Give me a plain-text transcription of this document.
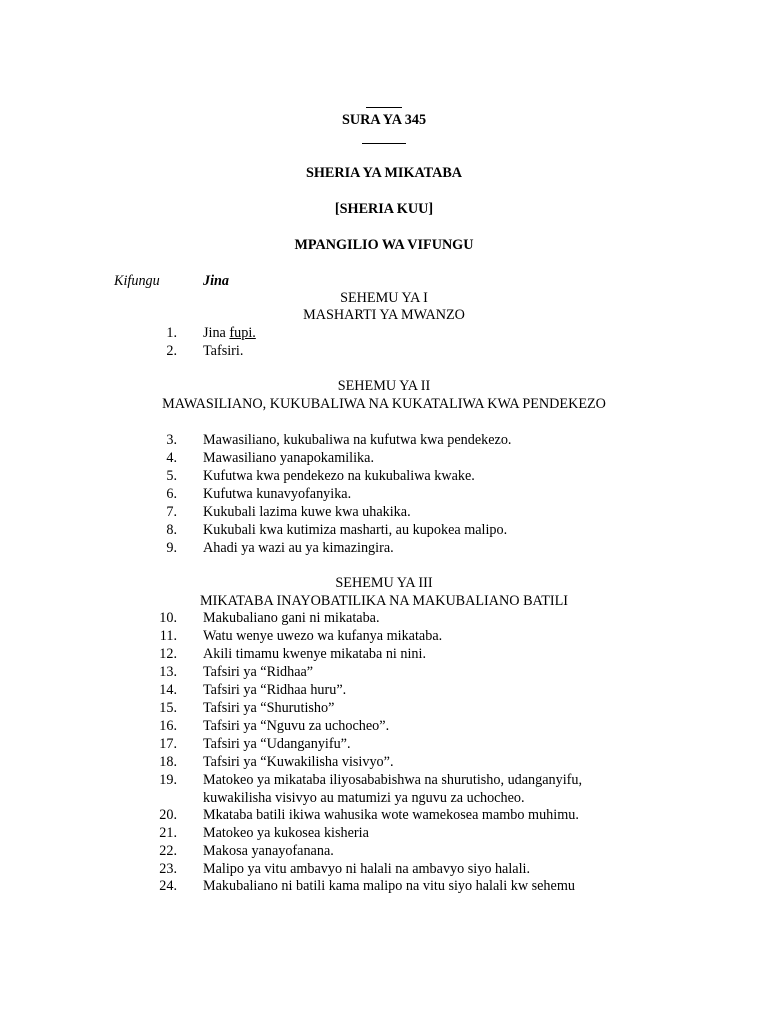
SURA YA 345
SHERIA YA MIKATABA
[SHERIA KUU]
MPANGILIO WA VIFUNGU
Kifungu	Jina
SEHEMU YA I
MASHARTI YA MWANZO
1. Jina fupi.
2. Tafsiri.
SEHEMU YA II
MAWASILIANO, KUKUBALIWA NA KUKATALIWA KWA PENDEKEZO
3. Mawasiliano, kukubaliwa na kufutwa kwa pendekezo.
4. Mawasiliano yanapokamilika.
5. Kufutwa kwa pendekezo na kukubaliwa kwake.
6. Kufutwa kunavyofanyika.
7. Kukubali lazima kuwe kwa uhakika.
8. Kukubali kwa kutimiza masharti, au kupokea malipo.
9. Ahadi ya wazi au ya kimazingira.
SEHEMU YA III
MIKATABA INAYOBATILIKA NA MAKUBALIANO BATILI
10. Makubaliano gani ni mikataba.
11. Watu wenye uwezo wa kufanya mikataba.
12. Akili timamu kwenye mikataba ni nini.
13. Tafsiri ya “Ridhaa”
14. Tafsiri ya “Ridhaa huru”.
15. Tafsiri ya “Shurutisho”
16. Tafsiri ya “Nguvu za uchocheo”.
17. Tafsiri ya “Udanganyifu”.
18. Tafsiri ya “Kuwakilisha visivyo”.
19. Matokeo ya mikataba iliyosababishwa na shurutisho, udanganyifu,
kuwakilisha visivyo au matumizi ya nguvu za uchocheo.
20. Mkataba batili ikiwa wahusika wote wamekosea mambo muhimu.
21. Matokeo ya kukosea kisheria
22. Makosa yanayofanana.
23. Malipo ya vitu ambavyo ni halali na ambavyo siyo halali.
24. Makubaliano ni batili kama malipo na vitu siyo halali kw sehemu
